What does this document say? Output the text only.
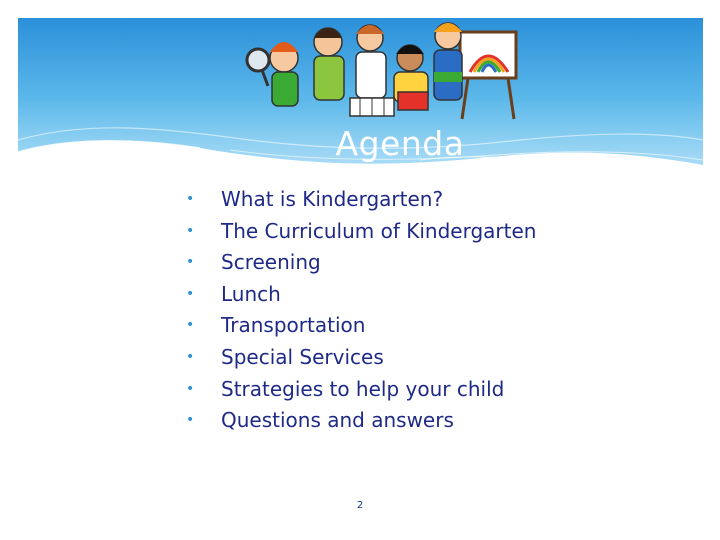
Agenda
• What is Kindergarten?
• The Curriculum of Kindergarten
• Screening
• Lunch
• Transportation
• Special Services
• Strategies to help your child
• Questions and answers
2
